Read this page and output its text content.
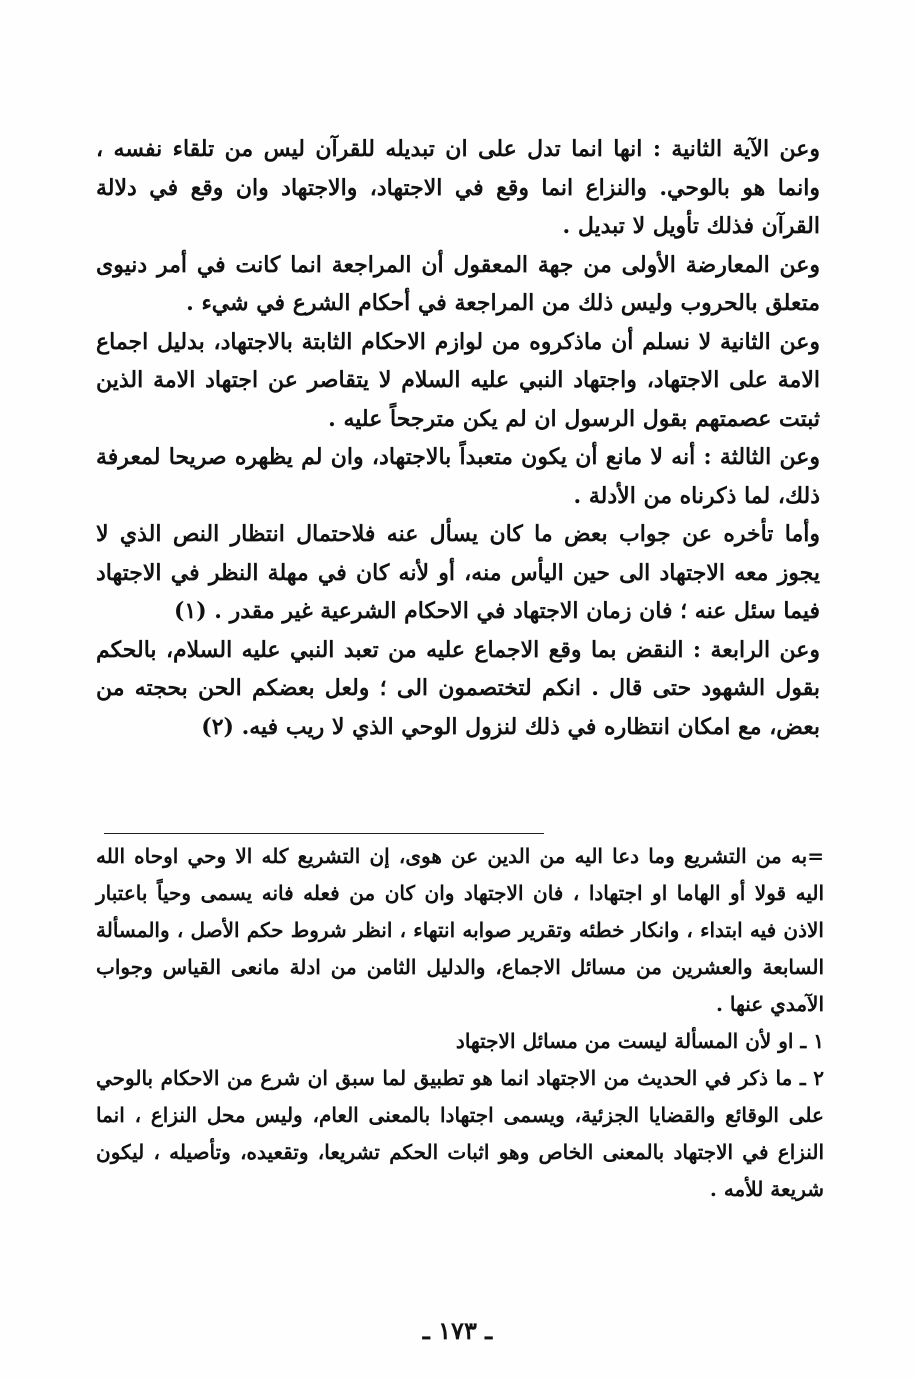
وعن الآية الثانية : انها انما تدل على ان تبديله للقرآن ليس من تلقاء نفسه ، وانما هو بالوحي. والنزاع انما وقع في الاجتهاد، والاجتهاد وان وقع في دلالة القرآن فذلك تأويل لا تبديل .

وعن المعارضة الأولى من جهة المعقول أن المراجعة انما كانت في أمر دنيوى متعلق بالحروب وليس ذلك من المراجعة في أحكام الشرع في شيء .

وعن الثانية لا نسلم أن ماذكروه من لوازم الاحكام الثابتة بالاجتهاد، بدليل اجماع الامة على الاجتهاد، واجتهاد النبي عليه السلام لا يتقاصر عن اجتهاد الامة الذين ثبتت عصمتهم بقول الرسول ان لم يكن مترجحاً عليه .

وعن الثالثة : أنه لا مانع أن يكون متعبداً بالاجتهاد، وان لم يظهره صريحا لمعرفة ذلك، لما ذكرناه من الأدلة .

وأما تأخره عن جواب بعض ما كان يسأل عنه فلاحتمال انتظار النص الذي لا يجوز معه الاجتهاد الى حين اليأس منه، أو لأنه كان في مهلة النظر في الاجتهاد فيما سئل عنه ؛ فان زمان الاجتهاد في الاحكام الشرعية غير مقدر . (١)

وعن الرابعة : النقض بما وقع الاجماع عليه من تعبد النبي عليه السلام، بالحكم بقول الشهود حتى قال . انكم لتختصمون الى ؛ ولعل بعضكم الحن بحجته من بعض، مع امكان انتظاره في ذلك لنزول الوحي الذي لا ريب فيه. (٢)

=به من التشريع وما دعا اليه من الدين عن هوى، إن التشريع كله الا وحي اوحاه الله اليه قولا أو الهاما او اجتهادا ، فان الاجتهاد وان كان من فعله فانه يسمى وحياً باعتبار الاذن فيه ابتداء ، وانكار خطئه وتقرير صوابه انتهاء ، انظر شروط حكم الأصل ، والمسألة السابعة والعشرين من مسائل الاجماع، والدليل الثامن من ادلة مانعى القياس وجواب الآمدي عنها .

١ ـ او لأن المسألة ليست من مسائل الاجتهاد

٢ ـ ما ذكر في الحديث من الاجتهاد انما هو تطبيق لما سبق ان شرع من الاحكام بالوحي على الوقائع والقضايا الجزئية، ويسمى اجتهادا بالمعنى العام، وليس محل النزاع ، انما النزاع في الاجتهاد بالمعنى الخاص وهو اثبات الحكم تشريعا، وتقعيده، وتأصيله ، ليكون شريعة للأمه .

ـ ١٧٣ ـ
